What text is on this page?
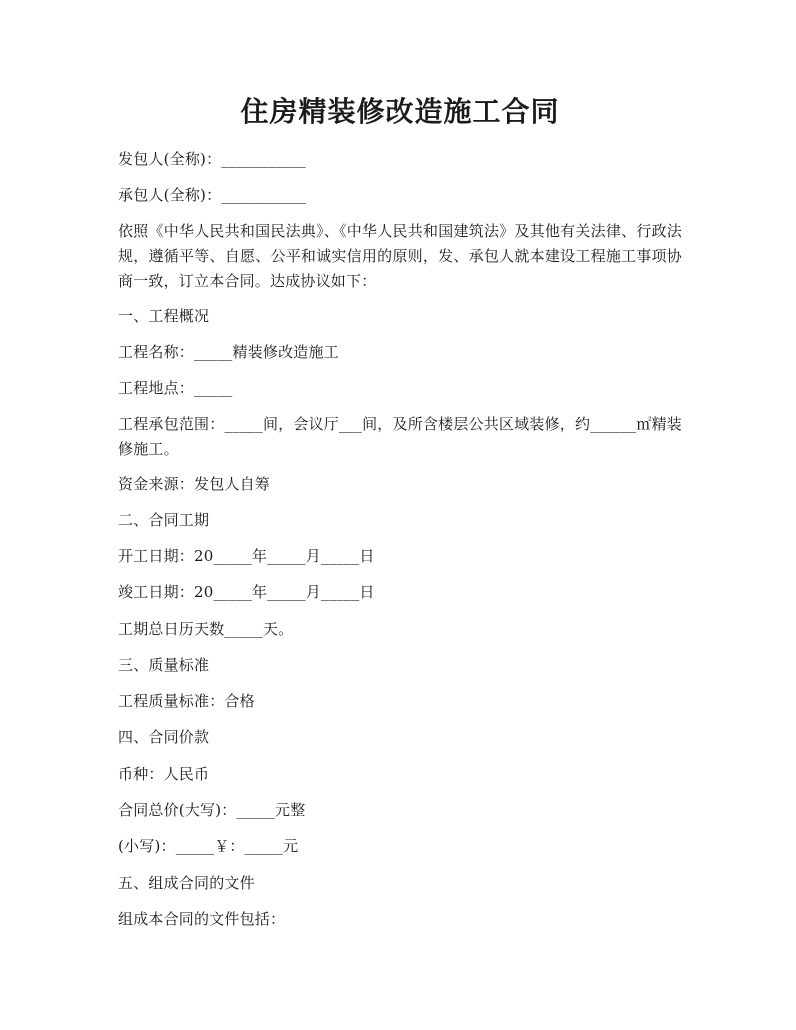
住房精装修改造施工合同

发包人(全称)：___________

承包人(全称)：___________

依照《中华人民共和国民法典》、《中华人民共和国建筑法》及其他有关法律、行政法规，遵循平等、自愿、公平和诚实信用的原则，发、承包人就本建设工程施工事项协商一致，订立本合同。达成协议如下：

一、工程概况

工程名称：_____精装修改造施工

工程地点：_____

工程承包范围：_____间，会议厅___间，及所含楼层公共区域装修，约______㎡精装修施工。

资金来源：发包人自筹

二、合同工期

开工日期：20_____年_____月_____日

竣工日期：20_____年_____月_____日

工期总日历天数_____天。

三、质量标准

工程质量标准：合格

四、合同价款

币种：人民币

合同总价(大写)：_____元整

(小写)：_____￥：_____元

五、组成合同的文件

组成本合同的文件包括：
